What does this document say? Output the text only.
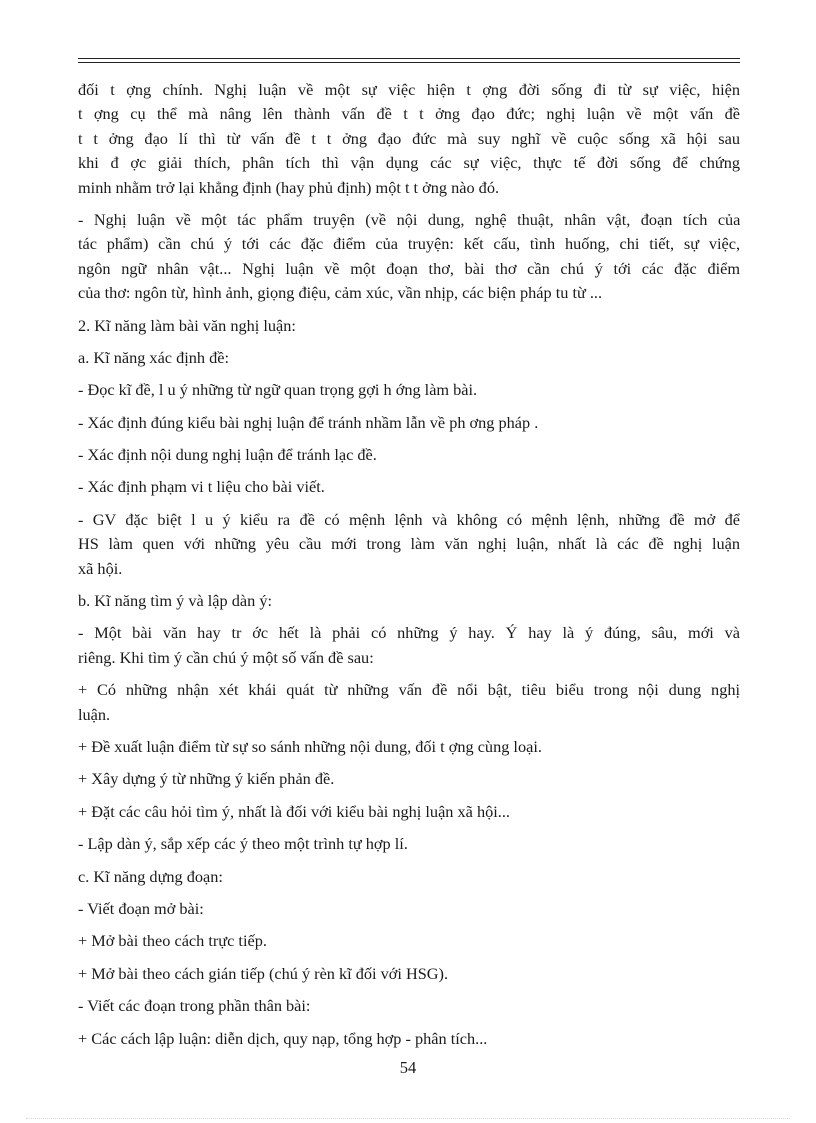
đối t ợng chính. Nghị luận về một sự việc hiện t ợng đời sống đi từ sự việc, hiện
t ợng cụ thể mà nâng lên thành vấn đề t t ởng đạo đức; nghị luận về một vấn đề
t t ởng đạo lí thì từ vấn đề t t ởng đạo đức mà suy nghĩ về cuộc sống xã hội sau
khi đ ợc giải thích, phân tích thì vận dụng các sự việc, thực tế đời sống để chứng
minh nhằm trở lại khẳng định (hay phủ định) một t t ởng nào đó.
- Nghị luận về một tác phẩm truyện (về nội dung, nghệ thuật, nhân vật, đoạn tích của
tác phẩm) cần chú ý tới các đặc điểm của truyện: kết cấu, tình huống, chi tiết, sự việc,
ngôn ngữ nhân vật... Nghị luận về một đoạn thơ, bài thơ cần chú ý tới các đặc điểm
của thơ: ngôn từ, hình ảnh, giọng điệu, cảm xúc, vần nhịp, các biện pháp tu từ ...
2. Kĩ năng làm bài văn nghị luận:
a. Kĩ năng xác định đề:
- Đọc kĩ đề, l u ý những từ ngữ quan trọng gợi h ớng làm bài.
- Xác định đúng kiểu bài nghị luận để tránh nhầm lẫn về ph ơng pháp .
- Xác định nội dung nghị luận để tránh lạc đề.
- Xác định phạm vi t liệu cho bài viết.
- GV đặc biệt l u ý kiểu ra đề có mệnh lệnh và không có mệnh lệnh, những đề mở để
HS làm quen với những yêu cầu mới trong làm văn nghị luận, nhất là các đề nghị luận
xã hội.
b. Kĩ năng tìm ý và lập dàn ý:
- Một bài văn hay tr ớc hết là phải có những ý hay. Ý hay là ý đúng, sâu, mới và
riêng. Khi tìm ý cần chú ý một số vấn đề sau:
+ Có những nhận xét khái quát từ những vấn đề nổi bật, tiêu biểu trong nội dung nghị
luận.
+ Đề xuất luận điểm từ sự so sánh những nội dung, đối t ợng cùng loại.
+ Xây dựng ý từ những ý kiến phản đề.
+ Đặt các câu hỏi tìm ý, nhất là đối với kiểu bài nghị luận xã hội...
- Lập dàn ý, sắp xếp các ý theo một trình tự hợp lí.
c. Kĩ năng dựng đoạn:
- Viết đoạn mở bài:
+ Mở bài theo cách trực tiếp.
+ Mở bài theo cách gián tiếp (chú ý rèn kĩ đối với HSG).
- Viết các đoạn trong phần thân bài:
+ Các cách lập luận: diễn dịch, quy nạp, tổng hợp - phân tích...
54
